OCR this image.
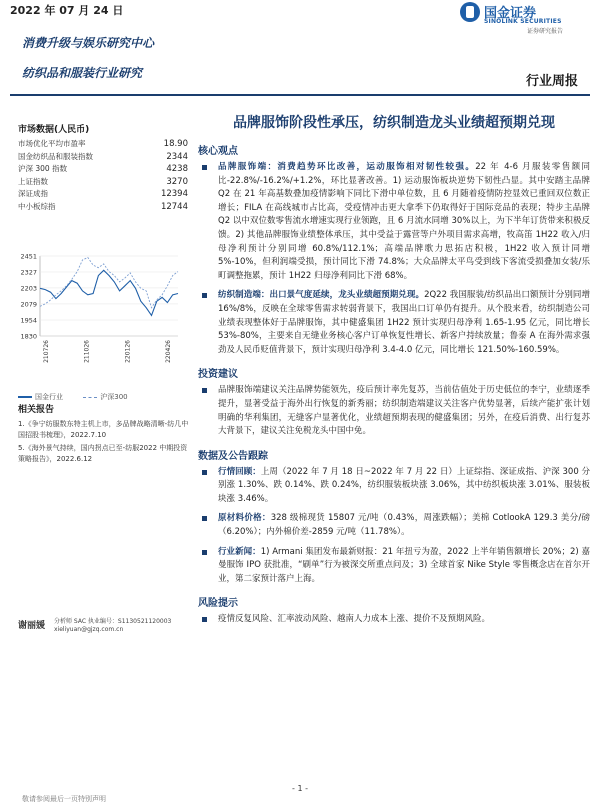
2022 年 07 月 24 日	国金证券
SINOLINK SECURITIES
证券研究报告
消费升级与娱乐研究中心
纺织品和服装行业研究
行业周报
市场数据(人民币)
市场优化平均市盈率	18.90
国金纺织品和服装指数	2344
沪深 300 指数	4238
上证指数	3270
深证成指	12394
中小板综指	12744
2451
2327
2203
2079
1954
1830
210726	211026	220126	220426
国金行业	沪深300
相关报告

1.《争宁纺服数东特主机上市，多品牌战略清晰-纺几中国招股书梳理》，2022.7.10

5.《海外景气持续，国内拐点已至-纺服2022 中期投资策略报告》，2022.6.12

谢丽媛 分析师 SAC 执业编号：S1130521120003
xieliyuan@gjzq.com.cn
品牌服饰阶段性承压，纺织制造龙头业绩超预期兑现
核心观点
品牌服饰端：消费趋势环比改善，运动服饰相对韧性较强。22 年 4-6 月服装零售额同比-22.8%/-16.2%/+1.2%，环比显著改善。1) 运动服饰板块逆势下韧性凸显。其中安踏主品牌 Q2 在 21 年高基数叠加疫情影响下同比下滑中单位数，且 6 月随着疫情防控显效已重回双位数正增长；FILA 在高线城市占比高，受疫情冲击更大拿季下仍取得好于国际竞品的表现；特步主品牌 Q2 以中双位数零售流水增速实现行业领跑，且 6 月流水同增 30%以上，为下半年订货带来积极反馈。2) 其他品牌服饰业绩整体承压，其中受益于露营等户外项目需求高增，牧高笛 1H22 收入/归母净利预计分别同增 60.8%/112.1%；高端品牌歌力思拓店积极，1H22 收入预计同增 5%-10%，但利润端受损，预计同比下滑 74.8%；大众品牌太平鸟受到线下客流受损叠加女装/乐町调整拖累，预计 1H22 归母净利同比下滑 68%。
纺织制造端：出口景气度延续，龙头业绩超预期兑现。2Q22 我国服装/纺织品出口额预计分别同增 16%/8%，反映在全球零售需求转弱背景下，我国出口订单仍有提升。从个股来看，纺织制造公司业绩表现整体好于品牌服饰，其中健盛集团 1H22 预计实现归母净利 1.65-1.95 亿元，同比增长 53%-80%，主要来自无缝业务核心客户订单恢复性增长、新客户持续放量；鲁泰 A 在海外需求强劲及人民币贬值背景下，预计实现归母净利 3.4-4.0 亿元，同比增长 121.50%-160.59%。
投资建议
品牌服饰端建议关注品牌势能领先，疫后预计率先复苏，当前估值处于历史低位的李宁，业绩逐季提升，显著受益于海外出行恢复的新秀丽；纺织制造端建议关注客户优势显著，后续产能扩张计划明确的华利集团，无缝客户显著优化，业绩超预期表现的健盛集团；另外，在疫后消费、出行复苏大背景下，建议关注免税龙头中国中免。
数据及公告跟踪
行情回顾：上周（2022 年 7 月 18 日~2022 年 7 月 22 日）上证综指、深证成指、沪深 300 分别涨 1.30%、跌 0.14%、跌 0.24%，纺织服装板块涨 3.06%，其中纺织板块涨 3.01%、服装板块涨 3.46%。
原材料价格：328 级棉现货 15807 元/吨（0.43%，周涨跌幅）；美棉 CotlookA 129.3 美分/磅（6.20%）；内外棉价差-2859 元/吨（11.78%）。
行业新闻：1) Armani 集团发布最新财报：21 年扭亏为盈，2022 上半年销售额增长 20%；2) 嘉曼服饰 IPO 获批准，“刷单”行为被深交所重点问及；3) 全球首家 Nike Style 零售概念店在首尔开业，第二家预计落户上海。
风险提示
疫情反复风险、汇率波动风险、越南人力成本上涨、提价不及预期风险。
- 1 -
敬请参阅最后一页特别声明
